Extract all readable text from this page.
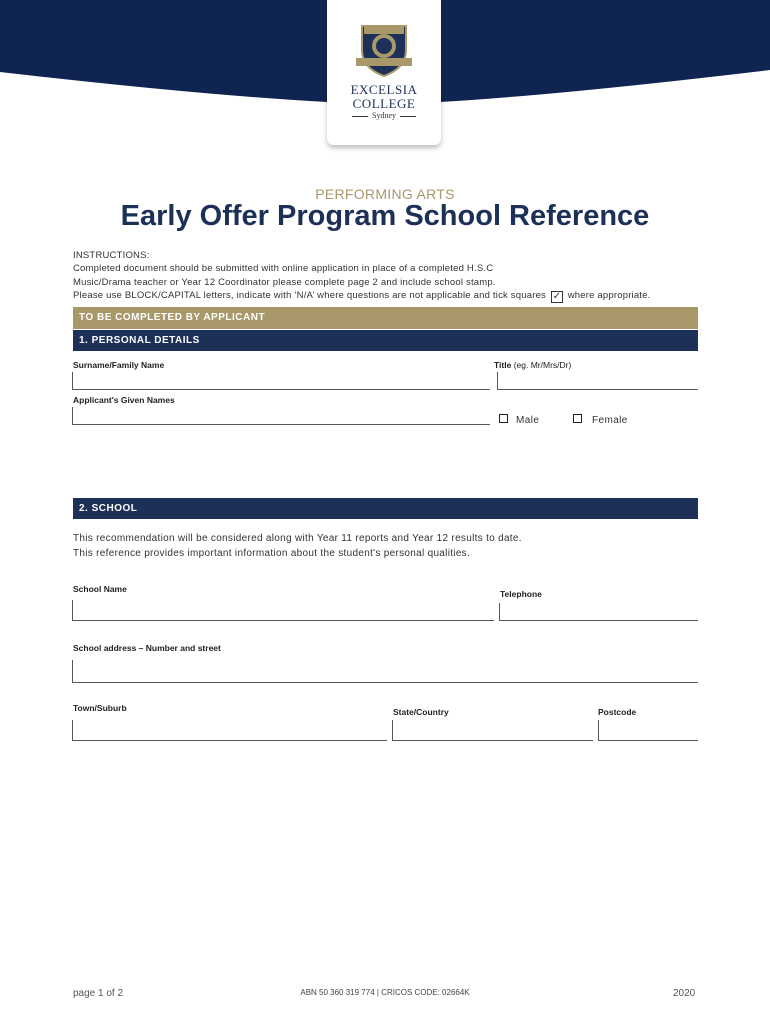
EXCELSIA
COLLEGE
Sydney
PERFORMING ARTS
Early Offer Program School Reference
INSTRUCTIONS:
Completed document should be submitted with online application in place of a completed H.S.C
Music/Drama teacher or Year 12 Coordinator please complete page 2 and include school stamp.
Please use BLOCK/CAPITAL letters, indicate with ‘N/A’ where questions are not applicable and tick squares ✓ where appropriate.
TO BE COMPLETED BY APPLICANT
1. PERSONAL DETAILS
Surname/Family Name	Title (eg. Mr/Mrs/Dr)
Applicant's Given Names
Male	Female
2. SCHOOL
This recommendation will be considered along with Year 11 reports and Year 12 results to date.
This reference provides important information about the student's personal qualities.
School Name	Telephone
School address – Number and street
Town/Suburb	State/Country	Postcode
page 1 of 2	ABN 50 360 319 774 | CRICOS CODE: 02664K	2020
